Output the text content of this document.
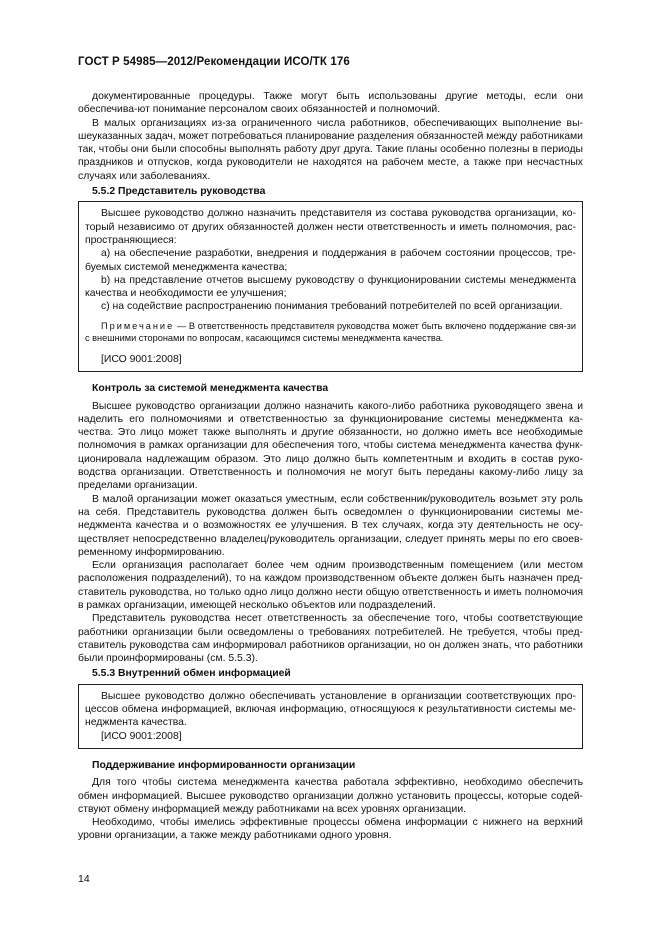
ГОСТ Р 54985—2012/Рекомендации ИСО/ТК 176

документированные процедуры. Также могут быть использованы другие методы, если они обеспечива-ют понимание персоналом своих обязанностей и полномочий.

В малых организациях из-за ограниченного числа работников, обеспечивающих выполнение вы-шеуказанных задач, может потребоваться планирование разделения обязанностей между работниками так, чтобы они были способны выполнять работу друг друга. Такие планы особенно полезны в периоды праздников и отпусков, когда руководители не находятся на рабочем месте, а также при несчастных случаях или заболеваниях.

5.5.2 Представитель руководства

Высшее руководство должно назначить представителя из состава руководства организации, ко-торый независимо от других обязанностей должен нести ответственность и иметь полномочия, рас-пространяющиеся:

a) на обеспечение разработки, внедрения и поддержания в рабочем состоянии процессов, тре-буемых системой менеджмента качества;

b) на представление отчетов высшему руководству о функционировании системы менеджмента качества и необходимости ее улучшения;

c) на содействие распространению понимания требований потребителей по всей организации.

Примечание — В ответственность представителя руководства может быть включено поддержание свя-зи с внешними сторонами по вопросам, касающимся системы менеджмента качества.

[ИСО 9001:2008]

Контроль за системой менеджмента качества

Высшее руководство организации должно назначить какого-либо работника руководящего звена и наделить его полномочиями и ответственностью за функционирование системы менеджмента ка-чества. Это лицо может также выполнять и другие обязанности, но должно иметь все необходимые полномочия в рамках организации для обеспечения того, чтобы система менеджмента качества функ-ционировала надлежащим образом. Это лицо должно быть компетентным и входить в состав руко-водства организации. Ответственность и полномочия не могут быть переданы какому-либо лицу за пределами организации.

В малой организации может оказаться уместным, если собственник/руководитель возьмет эту роль на себя. Представитель руководства должен быть осведомлен о функционировании системы ме-неджмента качества и о возможностях ее улучшения. В тех случаях, когда эту деятельность не осу-ществляет непосредственно владелец/руководитель организации, следует принять меры по его своев-ременному информированию.

Если организация располагает более чем одним производственным помещением (или местом расположения подразделений), то на каждом производственном объекте должен быть назначен пред-ставитель руководства, но только одно лицо должно нести общую ответственность и иметь полномочия в рамках организации, имеющей несколько объектов или подразделений.

Представитель руководства несет ответственность за обеспечение того, чтобы соответствующие работники организации были осведомлены о требованиях потребителей. Не требуется, чтобы пред-ставитель руководства сам информировал работников организации, но он должен знать, что работники были проинформированы (см. 5.5.3).

5.5.3 Внутренний обмен информацией

Высшее руководство должно обеспечивать установление в организации соответствующих про-цессов обмена информацией, включая информацию, относящуюся к результативности системы ме-неджмента качества.

[ИСО 9001:2008]

Поддерживание информированности организации

Для того чтобы система менеджмента качества работала эффективно, необходимо обеспечить обмен информацией. Высшее руководство организации должно установить процессы, которые содей-ствуют обмену информацией между работниками на всех уровнях организации.

Необходимо, чтобы имелись эффективные процессы обмена информации с нижнего на верхний уровни организации, а также между работниками одного уровня.

14
